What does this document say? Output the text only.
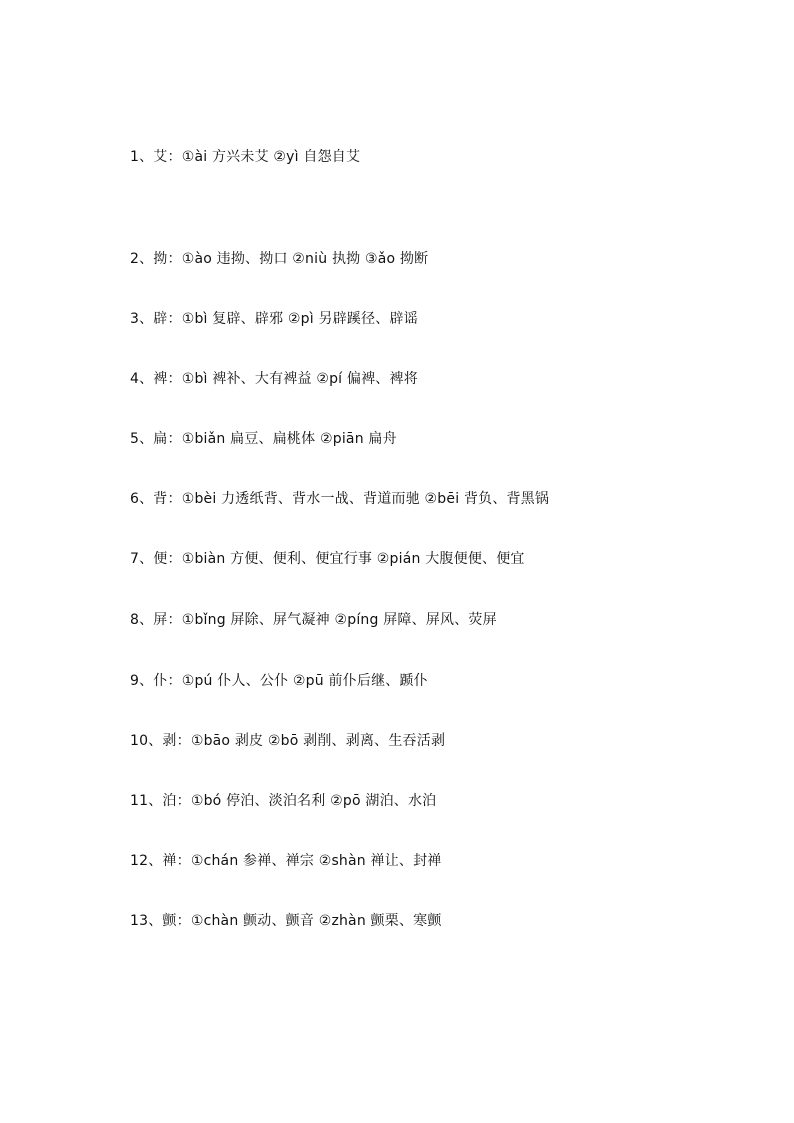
1、艾：①ài 方兴未艾 ②yì 自怨自艾
2、拗：①ào 违拗、拗口 ②niù 执拗 ③ǎo 拗断
3、辟：①bì 复辟、辟邪 ②pì 另辟蹊径、辟谣
4、裨：①bì 裨补、大有裨益 ②pí 偏裨、裨将
5、扁：①biǎn 扁豆、扁桃体 ②piān 扁舟
6、背：①bèi 力透纸背、背水一战、背道而驰 ②bēi 背负、背黑锅
7、便：①biàn 方便、便利、便宜行事 ②pián 大腹便便、便宜
8、屏：①bǐng 屏除、屏气凝神 ②píng 屏障、屏风、荧屏
9、仆：①pú 仆人、公仆 ②pū 前仆后继、踬仆
10、剥：①bāo 剥皮 ②bō 剥削、剥离、生吞活剥
11、泊：①bó 停泊、淡泊名利 ②pō 湖泊、水泊
12、禅：①chán 参禅、禅宗 ②shàn 禅让、封禅
13、颤：①chàn 颤动、颤音 ②zhàn 颤栗、寒颤
